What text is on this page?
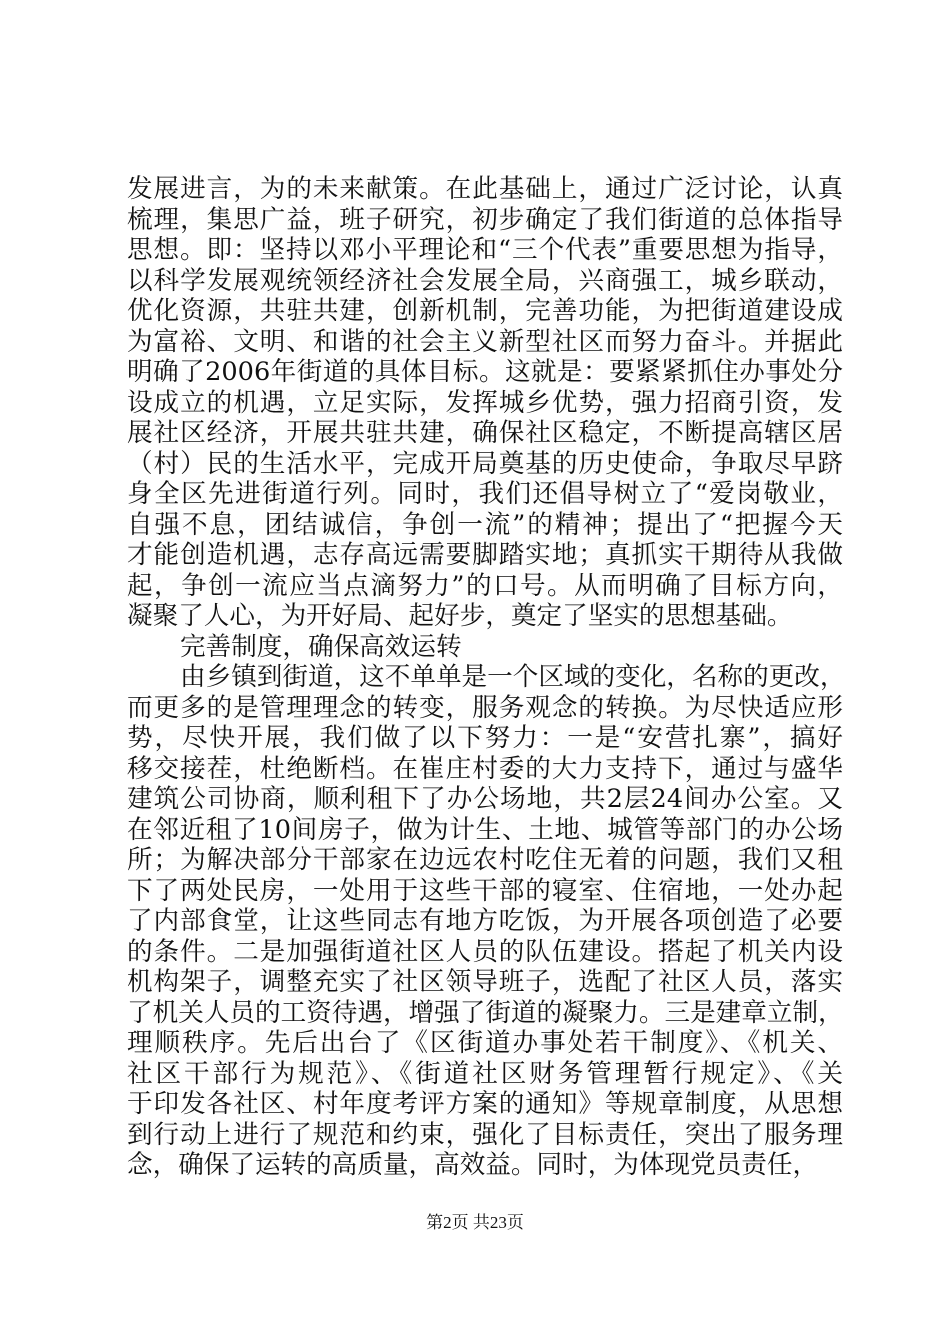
发展进言，为的未来献策。在此基础上，通过广泛讨论，认真
梳理，集思广益，班子研究，初步确定了我们街道的总体指导
思想。即：坚持以邓小平理论和“三个代表”重要思想为指导，
以科学发展观统领经济社会发展全局，兴商强工，城乡联动，
优化资源，共驻共建，创新机制，完善功能，为把街道建设成
为富裕、文明、和谐的社会主义新型社区而努力奋斗。并据此
明确了2006年街道的具体目标。这就是：要紧紧抓住办事处分
设成立的机遇，立足实际，发挥城乡优势，强力招商引资，发
展社区经济，开展共驻共建，确保社区稳定，不断提高辖区居
（村）民的生活水平，完成开局奠基的历史使命，争取尽早跻
身全区先进街道行列。同时，我们还倡导树立了“爱岗敬业，
自强不息，团结诚信，争创一流”的精神；提出了“把握今天
才能创造机遇，志存高远需要脚踏实地；真抓实干期待从我做
起，争创一流应当点滴努力”的口号。从而明确了目标方向，
凝聚了人心，为开好局、起好步，奠定了坚实的思想基础。
完善制度，确保高效运转
由乡镇到街道，这不单单是一个区域的变化，名称的更改，
而更多的是管理理念的转变，服务观念的转换。为尽快适应形
势，尽快开展，我们做了以下努力：一是“安营扎寨”，搞好
移交接茬，杜绝断档。在崔庄村委的大力支持下，通过与盛华
建筑公司协商，顺利租下了办公场地，共2层24间办公室。又
在邻近租了10间房子，做为计生、土地、城管等部门的办公场
所；为解决部分干部家在边远农村吃住无着的问题，我们又租
下了两处民房，一处用于这些干部的寝室、住宿地，一处办起
了内部食堂，让这些同志有地方吃饭，为开展各项创造了必要
的条件。二是加强街道社区人员的队伍建设。搭起了机关内设
机构架子，调整充实了社区领导班子，选配了社区人员，落实
了机关人员的工资待遇，增强了街道的凝聚力。三是建章立制，
理顺秩序。先后出台了《区街道办事处若干制度》、《机关、
社区干部行为规范》、《街道社区财务管理暂行规定》、《关
于印发各社区、村年度考评方案的通知》等规章制度，从思想
到行动上进行了规范和约束，强化了目标责任，突出了服务理
念，确保了运转的高质量，高效益。同时，为体现党员责任，
第2页 共23页
